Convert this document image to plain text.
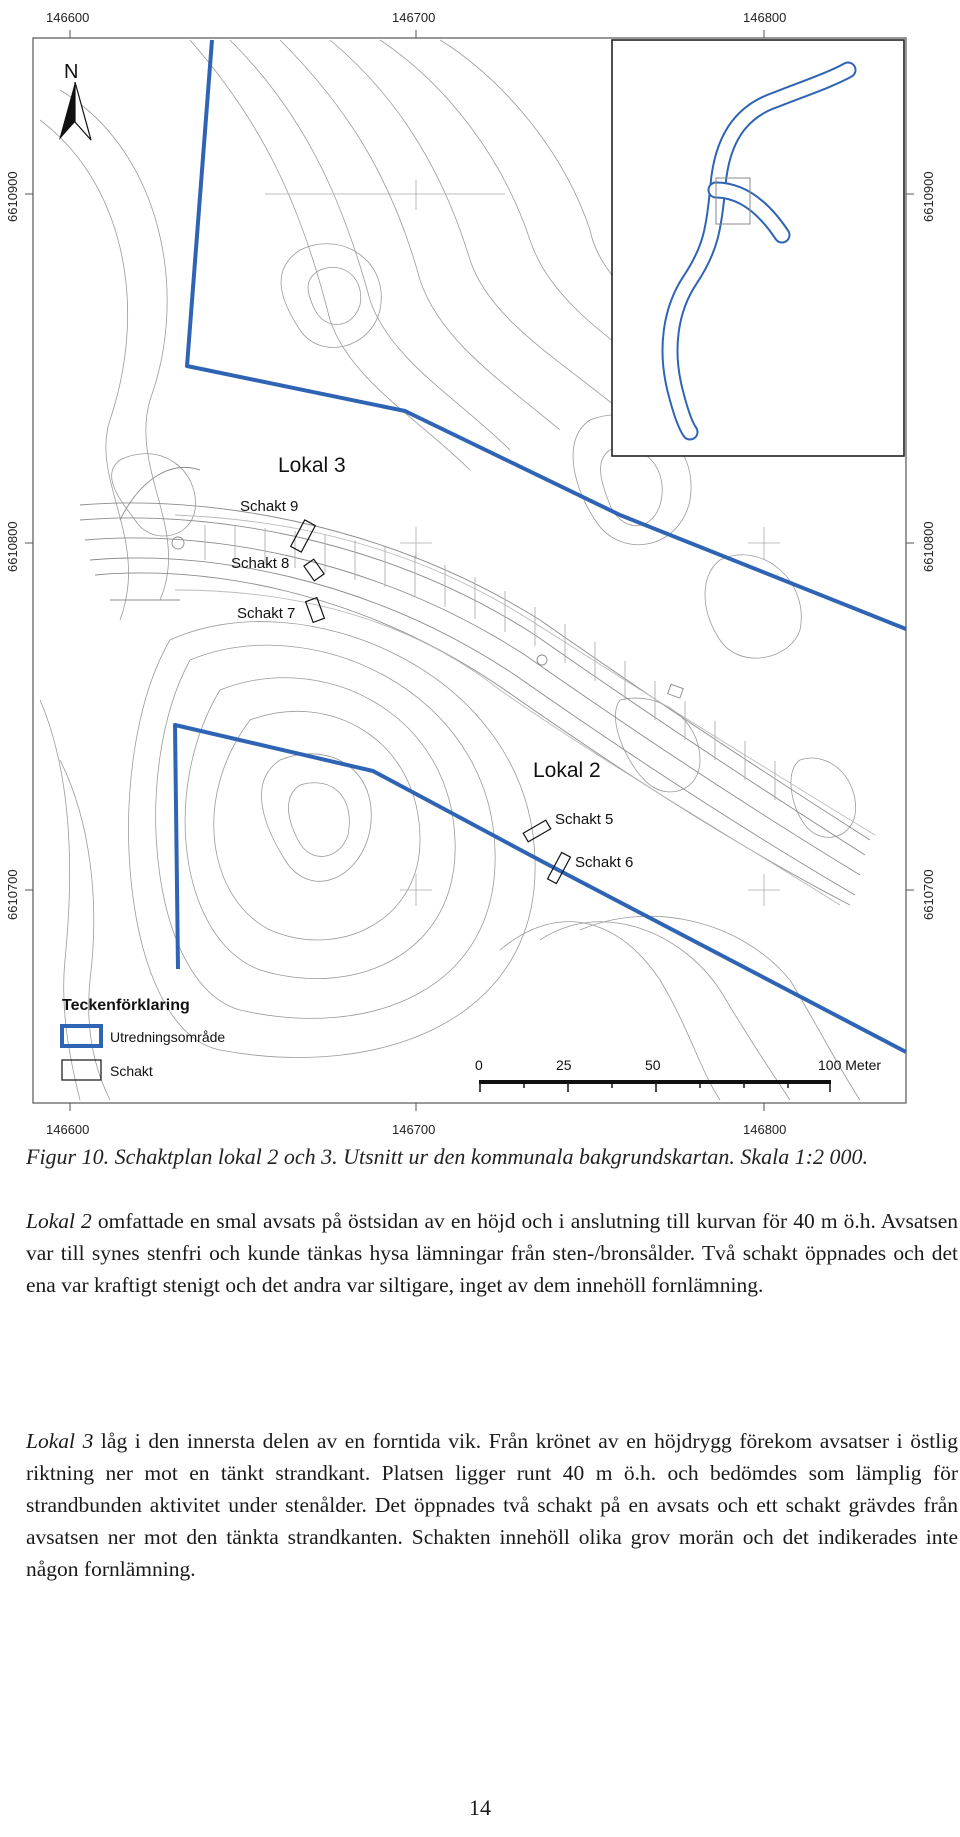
Lokal 3
Schakt 9
Schakt 8
Schakt 7
Lokal 2
Schakt 5
Schakt 6
N
Teckenförklaring
Utredningsområde
Schakt	0	25	50	100 Meter
146600	146700	146800
146600	146700	146800
6610900
6610800
6610700
6610900
6610800
6610700
Figur 10. Schaktplan lokal 2 och 3. Utsnitt ur den kommunala bakgrundskartan. Skala 1:2 000.

Lokal 2 omfattade en smal avsats på östsidan av en höjd och i anslutning till kurvan för 40 m ö.h. Avsatsen var till synes stenfri och kunde tänkas hysa lämningar från sten-/bronsålder. Två schakt öppnades och det ena var kraftigt stenigt och det andra var siltigare, inget av dem innehöll fornlämning.

Lokal 3 låg i den innersta delen av en forntida vik. Från krönet av en höjdrygg förekom avsatser i östlig riktning ner mot en tänkt strandkant. Platsen ligger runt 40 m ö.h. och bedömdes som lämplig för strandbunden aktivitet under stenålder. Det öppnades två schakt på en avsats och ett schakt grävdes från avsatsen ner mot den tänkta strandkanten. Schakten innehöll olika grov morän och det indikerades inte någon fornlämning.

14
